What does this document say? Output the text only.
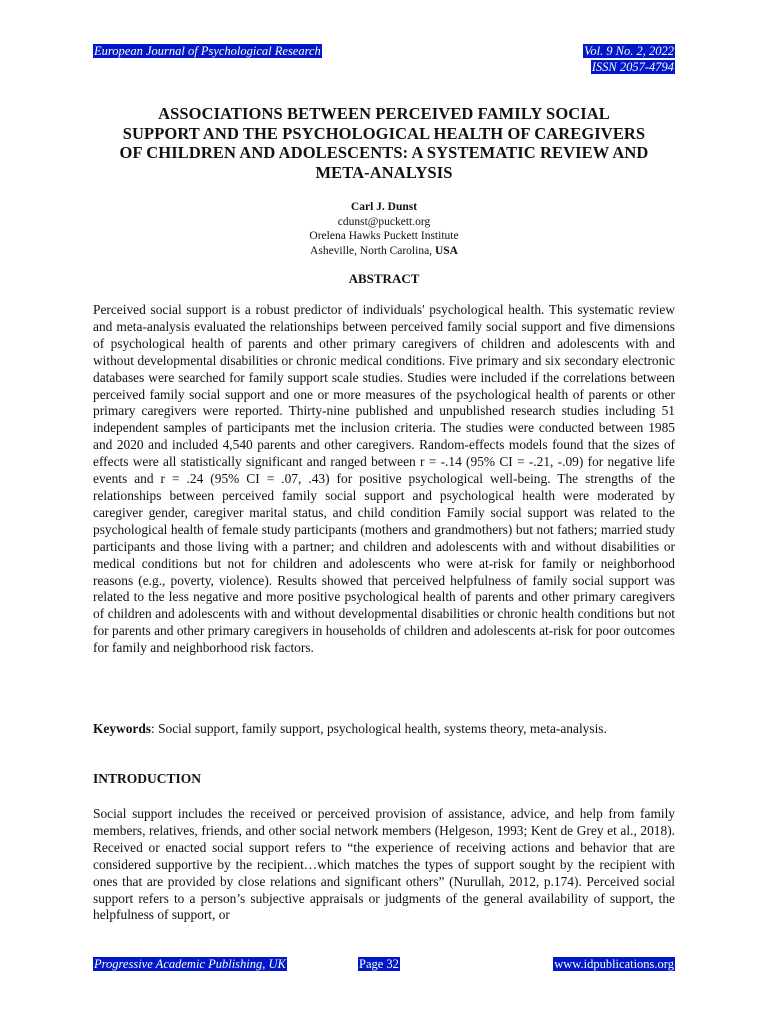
European Journal of Psychological Research	Vol. 9 No. 2, 2022
ISSN 2057-4794
ASSOCIATIONS BETWEEN PERCEIVED FAMILY SOCIAL
SUPPORT AND THE PSYCHOLOGICAL HEALTH OF CAREGIVERS
OF CHILDREN AND ADOLESCENTS: A SYSTEMATIC REVIEW AND
META-ANALYSIS
Carl J. Dunst
cdunst@puckett.org
Orelena Hawks Puckett Institute
Asheville, North Carolina, USA
ABSTRACT

Perceived social support is a robust predictor of individuals' psychological health. This systematic review and meta-analysis evaluated the relationships between perceived family social support and five dimensions of psychological health of parents and other primary caregivers of children and adolescents with and without developmental disabilities or chronic medical conditions. Five primary and six secondary electronic databases were searched for family support scale studies. Studies were included if the correlations between perceived family social support and one or more measures of the psychological health of parents or other primary caregivers were reported. Thirty-nine published and unpublished research studies including 51 independent samples of participants met the inclusion criteria. The studies were conducted between 1985 and 2020 and included 4,540 parents and other caregivers. Random-effects models found that the sizes of effects were all statistically significant and ranged between r = -.14 (95% CI = -.21, -.09) for negative life events and r = .24 (95% CI = .07, .43) for positive psychological well-being. The strengths of the relationships between perceived family social support and psychological health were moderated by caregiver gender, caregiver marital status, and child condition Family social support was related to the psychological health of female study participants (mothers and grandmothers) but not fathers; married study participants and those living with a partner; and children and adolescents with and without disabilities or medical conditions but not for children and adolescents who were at-risk for family or neighborhood reasons (e.g., poverty, violence). Results showed that perceived helpfulness of family social support was related to the less negative and more positive psychological health of parents and other primary caregivers of children and adolescents with and without developmental disabilities or chronic health conditions but not for parents and other primary caregivers in households of children and adolescents at-risk for poor outcomes for family and neighborhood risk factors.

Keywords: Social support, family support, psychological health, systems theory, meta-analysis.

INTRODUCTION

Social support includes the received or perceived provision of assistance, advice, and help from family members, relatives, friends, and other social network members (Helgeson, 1993; Kent de Grey et al., 2018). Received or enacted social support refers to “the experience of receiving actions and behavior that are considered supportive by the recipient…which matches the types of support sought by the recipient with ones that are provided by close relations and significant others” (Nurullah, 2012, p.174). Perceived social support refers to a person’s subjective appraisals or judgments of the general availability of support, the helpfulness of support, or

Progressive Academic Publishing, UK	Page 32	www.idpublications.org
